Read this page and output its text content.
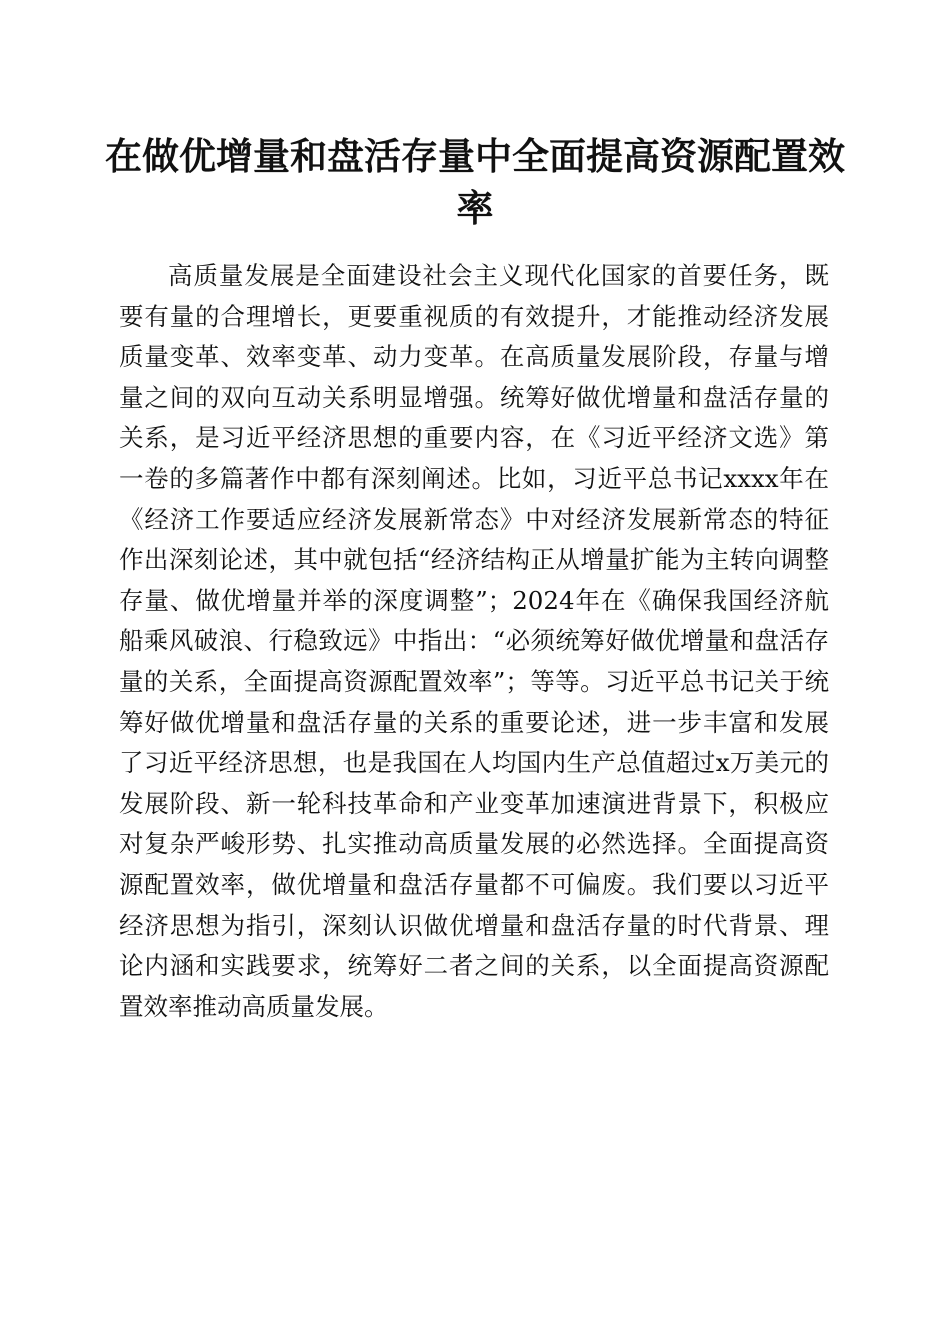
在做优增量和盘活存量中全面提高资源配置效率

高质量发展是全面建设社会主义现代化国家的首要任务，既要有量的合理增长，更要重视质的有效提升，才能推动经济发展质量变革、效率变革、动力变革。在高质量发展阶段，存量与增量之间的双向互动关系明显增强。统筹好做优增量和盘活存量的关系，是习近平经济思想的重要内容，在《习近平经济文选》第一卷的多篇著作中都有深刻阐述。比如，习近平总书记xxxx年在《经济工作要适应经济发展新常态》中对经济发展新常态的特征作出深刻论述，其中就包括“经济结构正从增量扩能为主转向调整存量、做优增量并举的深度调整”；2024年在《确保我国经济航船乘风破浪、行稳致远》中指出：“必须统筹好做优增量和盘活存量的关系，全面提高资源配置效率”；等等。习近平总书记关于统筹好做优增量和盘活存量的关系的重要论述，进一步丰富和发展了习近平经济思想，也是我国在人均国内生产总值超过x万美元的发展阶段、新一轮科技革命和产业变革加速演进背景下，积极应对复杂严峻形势、扎实推动高质量发展的必然选择。全面提高资源配置效率，做优增量和盘活存量都不可偏废。我们要以习近平经济思想为指引，深刻认识做优增量和盘活存量的时代背景、理论内涵和实践要求，统筹好二者之间的关系，以全面提高资源配置效率推动高质量发展。
